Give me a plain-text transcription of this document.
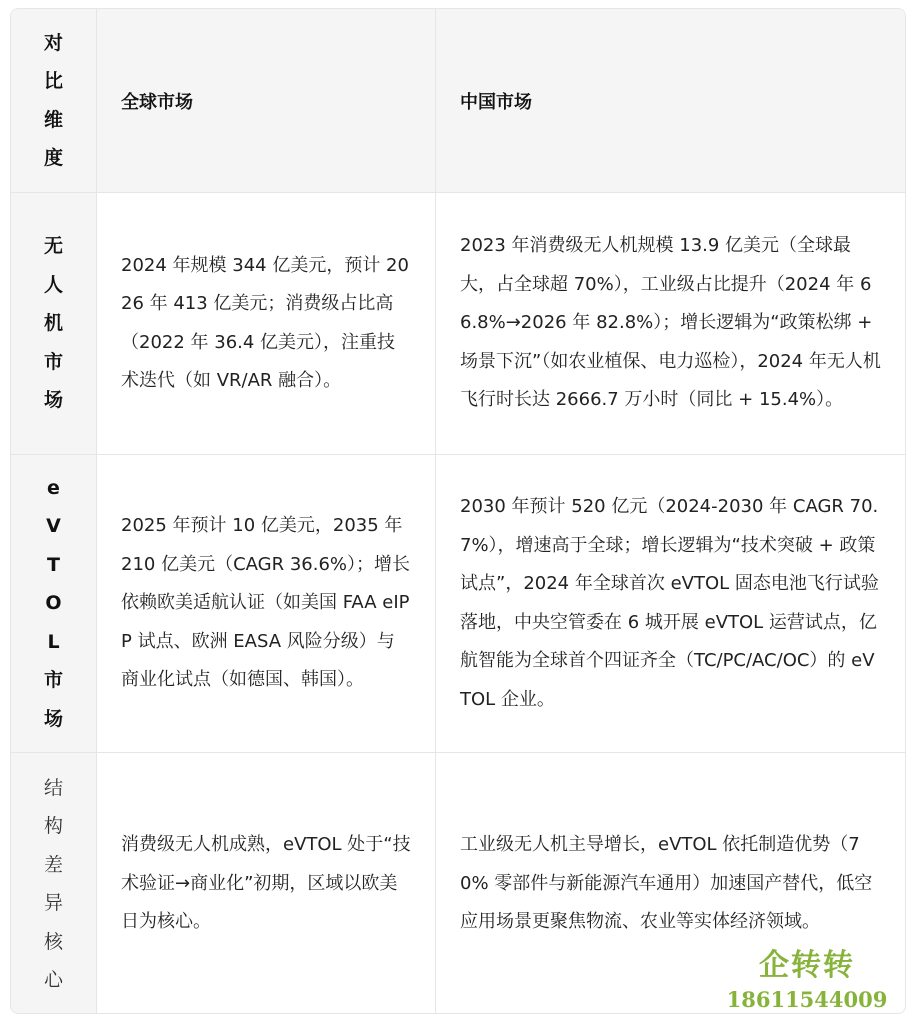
对比维度
全球市场	中国市场
无人机市场
2024 年规模 344 亿美元，预计 2026 年 413 亿美元；消费级占比高（2022 年 36.4 亿美元），注重技术迭代（如 VR/AR 融合）。
2023 年消费级无人机规模 13.9 亿美元（全球最大，占全球超 70%），工业级占比提升（2024 年 66.8%→2026 年 82.8%）；增长逻辑为“政策松绑 + 场景下沉”（如农业植保、电力巡检），2024 年无人机飞行时长达 2666.7 万小时（同比 + 15.4%）。
eVTOL市场
2025 年预计 10 亿美元，2035 年 210 亿美元（CAGR 36.6%）；增长依赖欧美适航认证（如美国 FAA eIPP 试点、欧洲 EASA 风险分级）与商业化试点（如德国、韩国）。
2030 年预计 520 亿元（2024-2030 年 CAGR 70.7%），增速高于全球；增长逻辑为“技术突破 + 政策试点”，2024 年全球首次 eVTOL 固态电池飞行试验落地，中央空管委在 6 城开展 eVTOL 运营试点，亿航智能为全球首个四证齐全（TC/PC/AC/OC）的 eVTOL 企业。
结构差异核心
消费级无人机成熟，eVTOL 处于“技术验证→商业化”初期，区域以欧美日为核心。
工业级无人机主导增长，eVTOL 依托制造优势（70% 零部件与新能源汽车通用）加速国产替代，低空应用场景更聚焦物流、农业等实体经济领域。
企转转
18611544009
